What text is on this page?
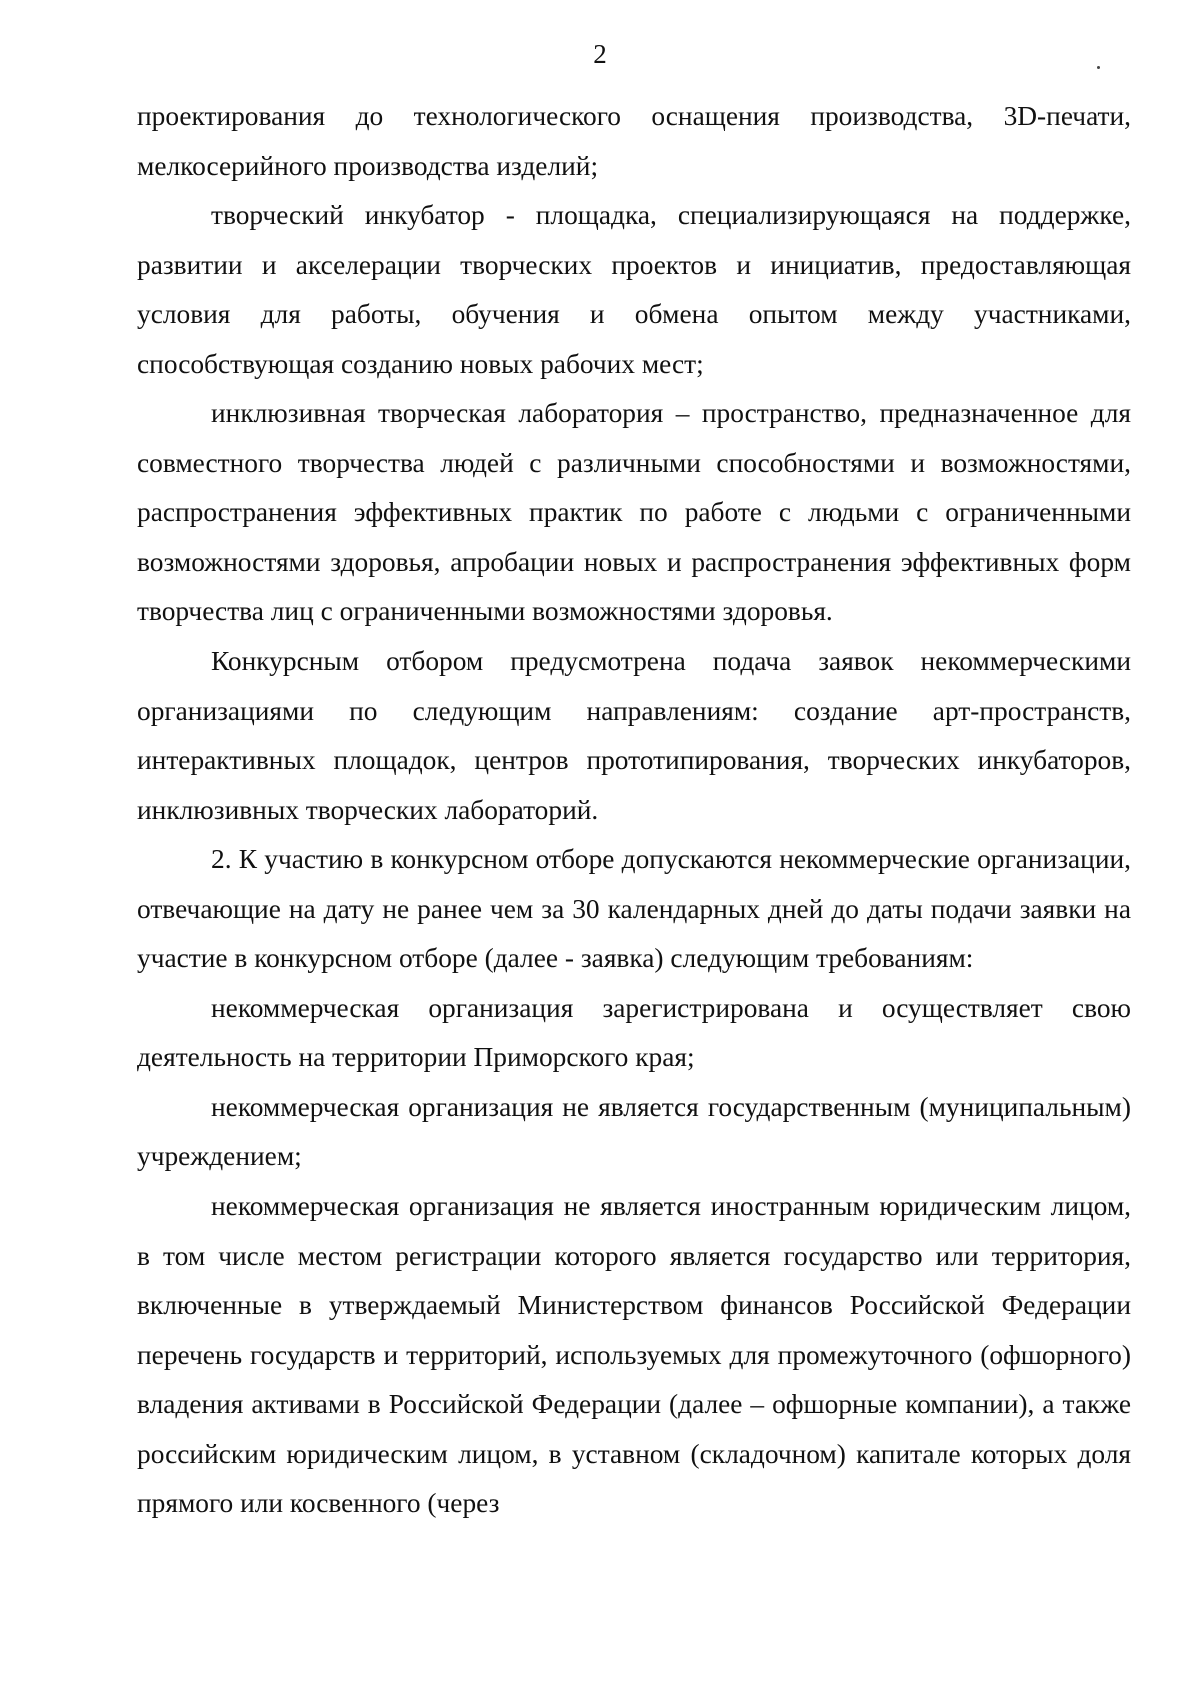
2

проектирования до технологического оснащения производства, 3D-печати, мелкосерийного производства изделий;

творческий инкубатор - площадка, специализирующаяся на поддержке, развитии и акселерации творческих проектов и инициатив, предоставляющая условия для работы, обучения и обмена опытом между участниками, способствующая созданию новых рабочих мест;

инклюзивная творческая лаборатория – пространство, предназначенное для совместного творчества людей с различными способностями и возможностями, распространения эффективных практик по работе с людьми с ограниченными возможностями здоровья, апробации новых и распространения эффективных форм творчества лиц с ограниченными возможностями здоровья.

Конкурсным отбором предусмотрена подача заявок некоммерческими организациями по следующим направлениям: создание арт-пространств, интерактивных площадок, центров прототипирования, творческих инкубаторов, инклюзивных творческих лабораторий.

2. К участию в конкурсном отборе допускаются некоммерческие организации, отвечающие на дату не ранее чем за 30 календарных дней до даты подачи заявки на участие в конкурсном отборе (далее - заявка) следующим требованиям:

некоммерческая организация зарегистрирована и осуществляет свою деятельность на территории Приморского края;

некоммерческая организация не является государственным (муниципальным) учреждением;

некоммерческая организация не является иностранным юридическим лицом, в том числе местом регистрации которого является государство или территория, включенные в утверждаемый Министерством финансов Российской Федерации перечень государств и территорий, используемых для промежуточного (офшорного) владения активами в Российской Федерации (далее – офшорные компании), а также российским юридическим лицом, в уставном (складочном) капитале которых доля прямого или косвенного (через
